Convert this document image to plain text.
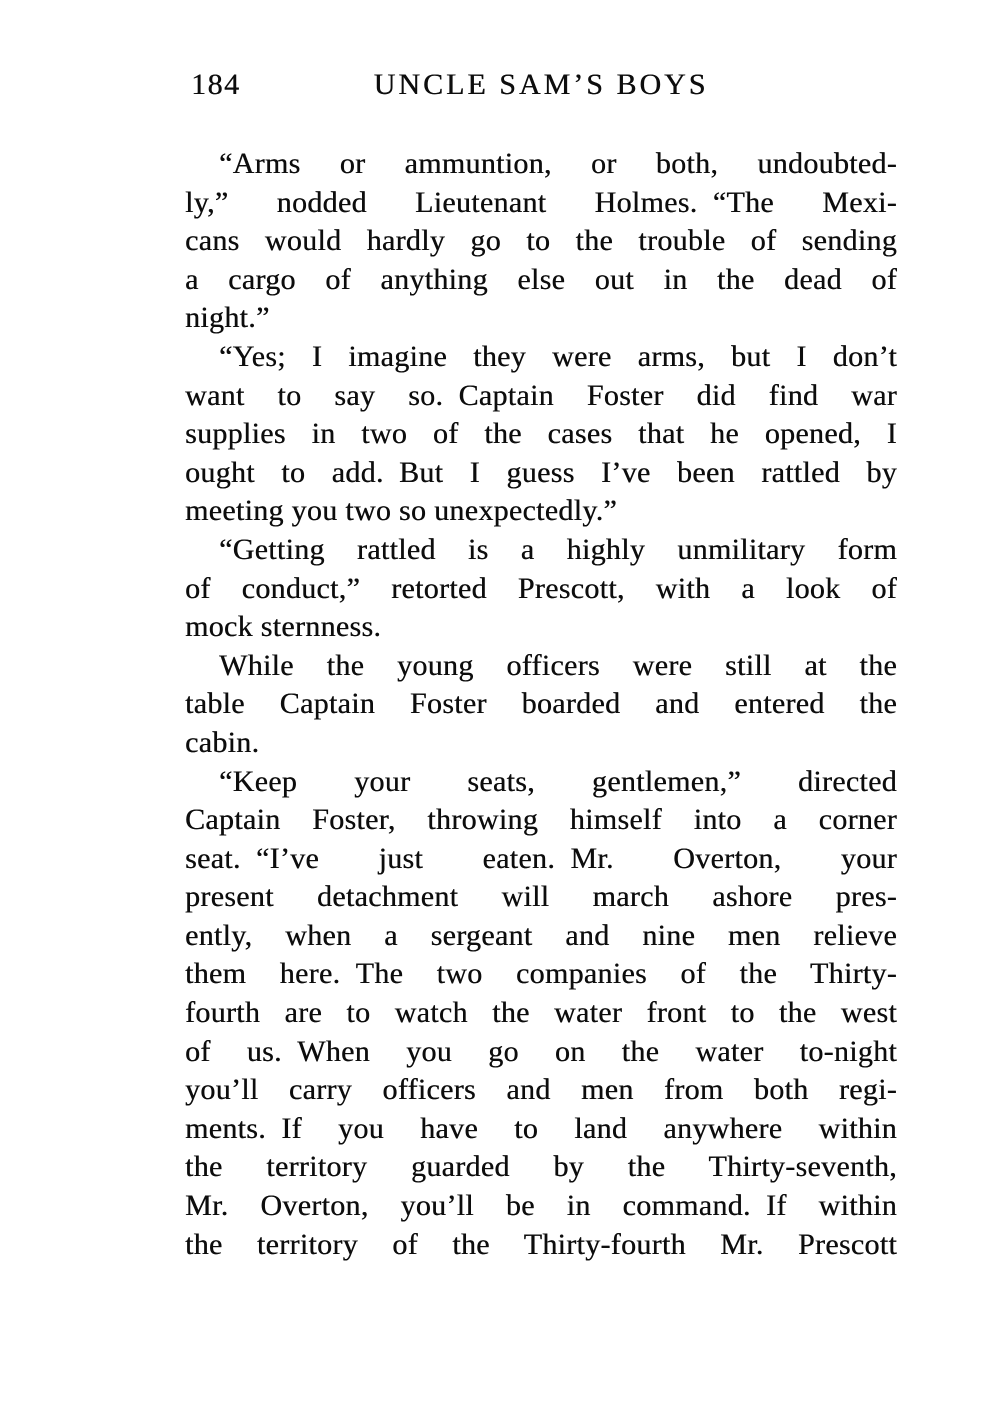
184	UNCLE SAM’S BOYS
“Arms or ammuntion, or both, undoubted-
ly,” nodded Lieutenant Holmes. “The Mexi-
cans would hardly go to the trouble of sending
a cargo of anything else out in the dead of
night.”
“Yes; I imagine they were arms, but I don’t
want to say so. Captain Foster did find war
supplies in two of the cases that he opened, I
ought to add. But I guess I’ve been rattled by
meeting you two so unexpectedly.”
“Getting rattled is a highly unmilitary form
of conduct,” retorted Prescott, with a look of
mock sternness.
While the young officers were still at the
table Captain Foster boarded and entered the
cabin.
“Keep your seats, gentlemen,” directed
Captain Foster, throwing himself into a corner
seat. “I’ve just eaten. Mr. Overton, your
present detachment will march ashore pres-
ently, when a sergeant and nine men relieve
them here. The two companies of the Thirty-
fourth are to watch the water front to the west
of us. When you go on the water to-night
you’ll carry officers and men from both regi-
ments. If you have to land anywhere within
the territory guarded by the Thirty-seventh,
Mr. Overton, you’ll be in command. If within
the territory of the Thirty-fourth Mr. Prescott
